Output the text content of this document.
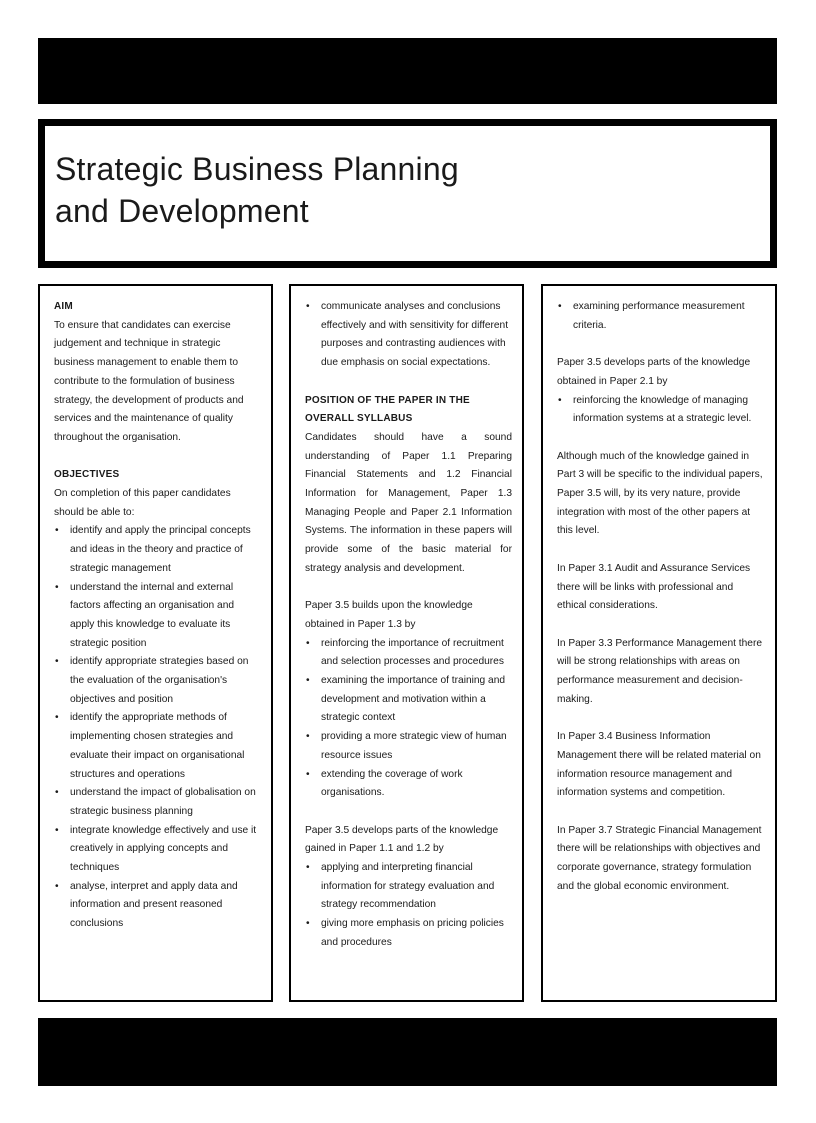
Strategic Business Planning
and Development
AIM

To ensure that candidates can exercise judgement and technique in strategic business management to enable them to contribute to the formulation of business strategy, the development of products and services and the maintenance of quality throughout the organisation.

OBJECTIVES

On completion of this paper candidates should be able to:

• identify and apply the principal concepts and ideas in the theory and practice of strategic management
• understand the internal and external factors affecting an organisation and apply this knowledge to evaluate its strategic position
• identify appropriate strategies based on the evaluation of the organisation's objectives and position
• identify the appropriate methods of implementing chosen strategies and evaluate their impact on organisational structures and operations
• understand the impact of globalisation on strategic business planning
• integrate knowledge effectively and use it creatively in applying concepts and techniques
• analyse, interpret and apply data and information and present reasoned conclusions
• communicate analyses and conclusions effectively and with sensitivity for different purposes and contrasting audiences with due emphasis on social expectations.
POSITION OF THE PAPER IN THE
OVERALL SYLLABUS

Candidates should have a sound understanding of Paper 1.1 Preparing Financial Statements and 1.2 Financial Information for Management, Paper 1.3 Managing People and Paper 2.1 Information Systems. The information in these papers will provide some of the basic material for strategy analysis and development.

Paper 3.5 builds upon the knowledge obtained in Paper 1.3 by

• reinforcing the importance of recruitment and selection processes and procedures
• examining the importance of training and development and motivation within a strategic context
• providing a more strategic view of human resource issues
• extending the coverage of work organisations.

Paper 3.5 develops parts of the knowledge gained in Paper 1.1 and 1.2 by

• applying and interpreting financial information for strategy evaluation and strategy recommendation
• giving more emphasis on pricing policies and procedures
• examining performance measurement criteria.

Paper 3.5 develops parts of the knowledge obtained in Paper 2.1 by

• reinforcing the knowledge of managing information systems at a strategic level.

Although much of the knowledge gained in Part 3 will be specific to the individual papers, Paper 3.5 will, by its very nature, provide integration with most of the other papers at this level.

In Paper 3.1 Audit and Assurance Services there will be links with professional and ethical considerations.

In Paper 3.3 Performance Management there will be strong relationships with areas on performance measurement and decision-making.

In Paper 3.4 Business Information Management there will be related material on information resource management and information systems and competition.

In Paper 3.7 Strategic Financial Management there will be relationships with objectives and corporate governance, strategy formulation and the global economic environment.
